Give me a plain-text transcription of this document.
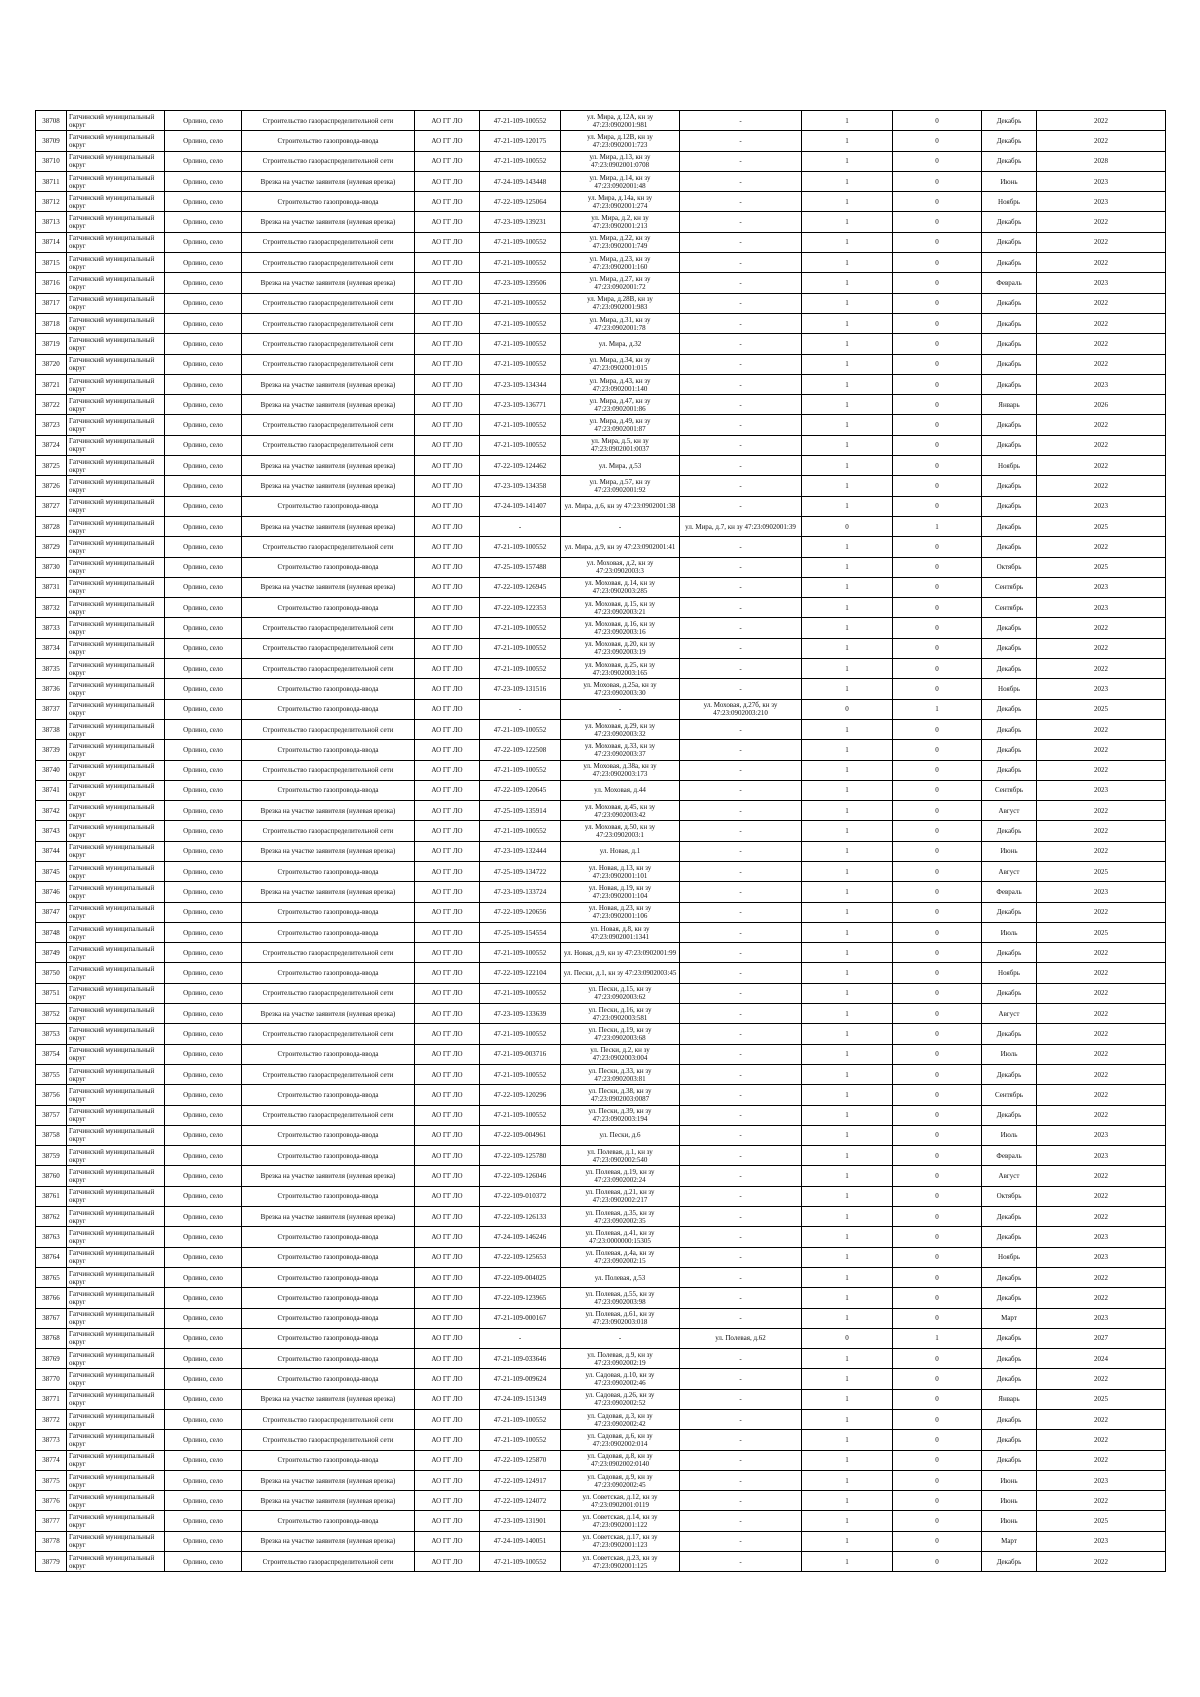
38708	Гатчинский муниципальный округ	Орлино, село	Строительство газораспределительной сети	АО ГГ ЛО	47-21-109-100552	ул. Мира, д.12А, кн зу 47:23:0902001:981	-	1	0	Декабрь	2022
38709	Гатчинский муниципальный округ	Орлино, село	Строительство газопровода-ввода	АО ГГ ЛО	47-21-109-120175	ул. Мира, д.12В, кн зу 47:23:0902001:723	-	1	0	Декабрь	2022
38710	Гатчинский муниципальный округ	Орлино, село	Строительство газораспределительной сети	АО ГГ ЛО	47-21-109-100552	ул. Мира, д.13, кн зу 47:23:0902001:0708	-	1	0	Декабрь	2028
38711	Гатчинский муниципальный округ	Орлино, село	Врезка на участке заявителя (нулевая врезка)	АО ГГ ЛО	47-24-109-143448	ул. Мира, д.14, кн зу 47:23:0902001:48	-	1	0	Июнь	2023
38712	Гатчинский муниципальный округ	Орлино, село	Строительство газопровода-ввода	АО ГГ ЛО	47-22-109-125064	ул. Мира, д.14а, кн зу 47:23:0902001:274	-	1	0	Ноябрь	2023
38713	Гатчинский муниципальный округ	Орлино, село	Врезка на участке заявителя (нулевая врезка)	АО ГГ ЛО	47-23-109-139231	ул. Мира, д.2, кн зу 47:23:0902001:213	-	1	0	Декабрь	2022
38714	Гатчинский муниципальный округ	Орлино, село	Строительство газораспределительной сети	АО ГГ ЛО	47-21-109-100552	ул. Мира, д.22, кн зу 47:23:0902001:749	-	1	0	Декабрь	2022
38715	Гатчинский муниципальный округ	Орлино, село	Строительство газораспределительной сети	АО ГГ ЛО	47-21-109-100552	ул. Мира, д.23, кн зу 47:23:0902001:160	-	1	0	Декабрь	2022
38716	Гатчинский муниципальный округ	Орлино, село	Врезка на участке заявителя (нулевая врезка)	АО ГГ ЛО	47-23-109-139506	ул. Мира, д.27, кн зу 47:23:0902001:72	-	1	0	Февраль	2023
38717	Гатчинский муниципальный округ	Орлино, село	Строительство газораспределительной сети	АО ГГ ЛО	47-21-109-100552	ул. Мира, д.28В, кн зу 47:23:0902001:983	-	1	0	Декабрь	2022
38718	Гатчинский муниципальный округ	Орлино, село	Строительство газораспределительной сети	АО ГГ ЛО	47-21-109-100552	ул. Мира, д.31, кн зу 47:23:0902001:78	-	1	0	Декабрь	2022
38719	Гатчинский муниципальный округ	Орлино, село	Строительство газораспределительной сети	АО ГГ ЛО	47-21-109-100552	ул. Мира, д.32	-	1	0	Декабрь	2022
38720	Гатчинский муниципальный округ	Орлино, село	Строительство газораспределительной сети	АО ГГ ЛО	47-21-109-100552	ул. Мира, д.34, кн зу 47:23:0902001:015	-	1	0	Декабрь	2022
38721	Гатчинский муниципальный округ	Орлино, село	Врезка на участке заявителя (нулевая врезка)	АО ГГ ЛО	47-23-109-134344	ул. Мира, д.43, кн зу 47:23:0902001:140	-	1	0	Декабрь	2023
38722	Гатчинский муниципальный округ	Орлино, село	Врезка на участке заявителя (нулевая врезка)	АО ГГ ЛО	47-23-109-136771	ул. Мира, д.47, кн зу 47:23:0902001:86	-	1	0	Январь	2026
38723	Гатчинский муниципальный округ	Орлино, село	Строительство газораспределительной сети	АО ГГ ЛО	47-21-109-100552	ул. Мира, д.49, кн зу 47:23:0902001:87	-	1	0	Декабрь	2022
38724	Гатчинский муниципальный округ	Орлино, село	Строительство газораспределительной сети	АО ГГ ЛО	47-21-109-100552	ул. Мира, д.5, кн зу 47:23:0902001:0037	-	1	0	Декабрь	2022
38725	Гатчинский муниципальный округ	Орлино, село	Врезка на участке заявителя (нулевая врезка)	АО ГГ ЛО	47-22-109-124462	ул. Мира, д.53	-	1	0	Ноябрь	2022
38726	Гатчинский муниципальный округ	Орлино, село	Врезка на участке заявителя (нулевая врезка)	АО ГГ ЛО	47-23-109-134358	ул. Мира, д.57, кн зу 47:23:0902001:92	-	1	0	Декабрь	2022
38727	Гатчинский муниципальный округ	Орлино, село	Строительство газопровода-ввода	АО ГГ ЛО	47-24-109-141407	ул. Мира, д.6, кн зу 47:23:0902001:38	-	1	0	Декабрь	2023
38728	Гатчинский муниципальный округ	Орлино, село	Врезка на участке заявителя (нулевая врезка)	АО ГГ ЛО	-	-	ул. Мира, д.7, кн зу 47:23:0902001:39	0	1	Декабрь	2025
38729	Гатчинский муниципальный округ	Орлино, село	Строительство газораспределительной сети	АО ГГ ЛО	47-21-109-100552	ул. Мира, д.9, кн зу 47:23:0902001:41	-	1	0	Декабрь	2022
38730	Гатчинский муниципальный округ	Орлино, село	Строительство газопровода-ввода	АО ГГ ЛО	47-25-109-157488	ул. Моховая, д.2, кн зу 47:23:0902003:3	-	1	0	Октябрь	2025
38731	Гатчинский муниципальный округ	Орлино, село	Врезка на участке заявителя (нулевая врезка)	АО ГГ ЛО	47-22-109-126945	ул. Моховая, д.14, кн зу 47:23:0902003:285	-	1	0	Сентябрь	2023
38732	Гатчинский муниципальный округ	Орлино, село	Строительство газопровода-ввода	АО ГГ ЛО	47-22-109-122353	ул. Моховая, д.15, кн зу 47:23:0902003:21	-	1	0	Сентябрь	2023
38733	Гатчинский муниципальный округ	Орлино, село	Строительство газораспределительной сети	АО ГГ ЛО	47-21-109-100552	ул. Моховая, д.16, кн зу 47:23:0902003:16	-	1	0	Декабрь	2022
38734	Гатчинский муниципальный округ	Орлино, село	Строительство газораспределительной сети	АО ГГ ЛО	47-21-109-100552	ул. Моховая, д.20, кн зу 47:23:0902003:19	-	1	0	Декабрь	2022
38735	Гатчинский муниципальный округ	Орлино, село	Строительство газораспределительной сети	АО ГГ ЛО	47-21-109-100552	ул. Моховая, д.25, кн зу 47:23:0902003:165	-	1	0	Декабрь	2022
38736	Гатчинский муниципальный округ	Орлино, село	Строительство газопровода-ввода	АО ГГ ЛО	47-23-109-131516	ул. Моховая, д.25а, кн зу 47:23:0902003:30	-	1	0	Ноябрь	2023
38737	Гатчинский муниципальный округ	Орлино, село	Строительство газопровода-ввода	АО ГГ ЛО	-	-	ул. Моховая, д.27б, кн зу 47:23:0902003:210	0	1	Декабрь	2025
38738	Гатчинский муниципальный округ	Орлино, село	Строительство газораспределительной сети	АО ГГ ЛО	47-21-109-100552	ул. Моховая, д.29, кн зу 47:23:0902003:32	-	1	0	Декабрь	2022
38739	Гатчинский муниципальный округ	Орлино, село	Строительство газопровода-ввода	АО ГГ ЛО	47-22-109-122508	ул. Моховая, д.33, кн зу 47:23:0902003:37	-	1	0	Декабрь	2022
38740	Гатчинский муниципальный округ	Орлино, село	Строительство газораспределительной сети	АО ГГ ЛО	47-21-109-100552	ул. Моховая, д.38а, кн зу 47:23:0902003:173	-	1	0	Декабрь	2022
38741	Гатчинский муниципальный округ	Орлино, село	Строительство газопровода-ввода	АО ГГ ЛО	47-22-109-120645	ул. Моховая, д.44	-	1	0	Сентябрь	2023
38742	Гатчинский муниципальный округ	Орлино, село	Врезка на участке заявителя (нулевая врезка)	АО ГГ ЛО	47-25-109-135914	ул. Моховая, д.45, кн зу 47:23:0902003:42	-	1	0	Август	2022
38743	Гатчинский муниципальный округ	Орлино, село	Строительство газораспределительной сети	АО ГГ ЛО	47-21-109-100552	ул. Моховая, д.50, кн зу 47:23:0902003:1	-	1	0	Декабрь	2022
38744	Гатчинский муниципальный округ	Орлино, село	Врезка на участке заявителя (нулевая врезка)	АО ГГ ЛО	47-23-109-132444	ул. Новая, д.1	-	1	0	Июнь	2022
38745	Гатчинский муниципальный округ	Орлино, село	Строительство газопровода-ввода	АО ГГ ЛО	47-25-109-134722	ул. Новая, д.13, кн зу 47:23:0902001:101	-	1	0	Август	2025
38746	Гатчинский муниципальный округ	Орлино, село	Врезка на участке заявителя (нулевая врезка)	АО ГГ ЛО	47-23-109-133724	ул. Новая, д.19, кн зу 47:23:0902001:104	-	1	0	Февраль	2023
38747	Гатчинский муниципальный округ	Орлино, село	Строительство газопровода-ввода	АО ГГ ЛО	47-22-109-120656	ул. Новая, д.23, кн зу 47:23:0902001:106	-	1	0	Декабрь	2022
38748	Гатчинский муниципальный округ	Орлино, село	Строительство газопровода-ввода	АО ГГ ЛО	47-25-109-154554	ул. Новая, д.8, кн зу 47:23:0902001:1341	-	1	0	Июль	2025
38749	Гатчинский муниципальный округ	Орлино, село	Строительство газораспределительной сети	АО ГГ ЛО	47-21-109-100552	ул. Новая, д.9, кн зу 47:23:0902001:99	-	1	0	Декабрь	2022
38750	Гатчинский муниципальный округ	Орлино, село	Строительство газопровода-ввода	АО ГГ ЛО	47-22-109-122104	ул. Пески, д.1, кн зу 47:23:0902003:45	-	1	0	Ноябрь	2022
38751	Гатчинский муниципальный округ	Орлино, село	Строительство газораспределительной сети	АО ГГ ЛО	47-21-109-100552	ул. Пески, д.15, кн зу 47:23:0902003:62	-	1	0	Декабрь	2022
38752	Гатчинский муниципальный округ	Орлино, село	Врезка на участке заявителя (нулевая врезка)	АО ГГ ЛО	47-23-109-133639	ул. Пески, д.16, кн зу 47:23:0902003:581	-	1	0	Август	2022
38753	Гатчинский муниципальный округ	Орлино, село	Строительство газораспределительной сети	АО ГГ ЛО	47-21-109-100552	ул. Пески, д.19, кн зу 47:23:0902003:68	-	1	0	Декабрь	2022
38754	Гатчинский муниципальный округ	Орлино, село	Строительство газопровода-ввода	АО ГГ ЛО	47-21-109-003716	ул. Пески, д.2, кн зу 47:23:0902003:004	-	1	0	Июль	2022
38755	Гатчинский муниципальный округ	Орлино, село	Строительство газораспределительной сети	АО ГГ ЛО	47-21-109-100552	ул. Пески, д.33, кн зу 47:23:0902003:81	-	1	0	Декабрь	2022
38756	Гатчинский муниципальный округ	Орлино, село	Строительство газопровода-ввода	АО ГГ ЛО	47-22-109-120296	ул. Пески, д.38, кн зу 47:23:0902003:0087	-	1	0	Сентябрь	2022
38757	Гатчинский муниципальный округ	Орлино, село	Строительство газораспределительной сети	АО ГГ ЛО	47-21-109-100552	ул. Пески, д.39, кн зу 47:23:0902003:194	-	1	0	Декабрь	2022
38758	Гатчинский муниципальный округ	Орлино, село	Строительство газопровода-ввода	АО ГГ ЛО	47-22-109-004961	ул. Пески, д.6	-	1	0	Июль	2023
38759	Гатчинский муниципальный округ	Орлино, село	Строительство газопровода-ввода	АО ГГ ЛО	47-22-109-125780	ул. Полевая, д.1, кн зу 47:23:0902002:540	-	1	0	Февраль	2023
38760	Гатчинский муниципальный округ	Орлино, село	Врезка на участке заявителя (нулевая врезка)	АО ГГ ЛО	47-22-109-126046	ул. Полевая, д.19, кн зу 47:23:0902002:24	-	1	0	Август	2022
38761	Гатчинский муниципальный округ	Орлино, село	Строительство газопровода-ввода	АО ГГ ЛО	47-22-109-010372	ул. Полевая, д.21, кн зу 47:23:0902002:217	-	1	0	Октябрь	2022
38762	Гатчинский муниципальный округ	Орлино, село	Врезка на участке заявителя (нулевая врезка)	АО ГГ ЛО	47-22-109-126133	ул. Полевая, д.35, кн зу 47:23:0902002:35	-	1	0	Декабрь	2022
38763	Гатчинский муниципальный округ	Орлино, село	Строительство газопровода-ввода	АО ГГ ЛО	47-24-109-146246	ул. Полевая, д.41, кн зу 47:23:0000000:15305	-	1	0	Декабрь	2023
38764	Гатчинский муниципальный округ	Орлино, село	Строительство газопровода-ввода	АО ГГ ЛО	47-22-109-125653	ул. Полевая, д.4а, кн зу 47:23:0902002:15	-	1	0	Ноябрь	2023
38765	Гатчинский муниципальный округ	Орлино, село	Строительство газопровода-ввода	АО ГГ ЛО	47-22-109-004025	ул. Полевая, д.53	-	1	0	Декабрь	2022
38766	Гатчинский муниципальный округ	Орлино, село	Строительство газопровода-ввода	АО ГГ ЛО	47-22-109-123965	ул. Полевая, д.55, кн зу 47:23:0902003:98	-	1	0	Декабрь	2022
38767	Гатчинский муниципальный округ	Орлино, село	Строительство газопровода-ввода	АО ГГ ЛО	47-21-109-000167	ул. Полевая, д.61, кн зу 47:23:0902003:018	-	1	0	Март	2023
38768	Гатчинский муниципальный округ	Орлино, село	Строительство газопровода-ввода	АО ГГ ЛО	-	-	ул. Полевая, д.62	0	1	Декабрь	2027
38769	Гатчинский муниципальный округ	Орлино, село	Строительство газопровода-ввода	АО ГГ ЛО	47-21-109-033646	ул. Полевая, д.9, кн зу 47:23:0902002:19	-	1	0	Декабрь	2024
38770	Гатчинский муниципальный округ	Орлино, село	Строительство газопровода-ввода	АО ГГ ЛО	47-21-109-009624	ул. Садовая, д.10, кн зу 47:23:0902002:46	-	1	0	Декабрь	2022
38771	Гатчинский муниципальный округ	Орлино, село	Врезка на участке заявителя (нулевая врезка)	АО ГГ ЛО	47-24-109-151349	ул. Садовая, д.26, кн зу 47:23:0902002:52	-	1	0	Январь	2025
38772	Гатчинский муниципальный округ	Орлино, село	Строительство газораспределительной сети	АО ГГ ЛО	47-21-109-100552	ул. Садовая, д.3, кн зу 47:23:0902002:42	-	1	0	Декабрь	2022
38773	Гатчинский муниципальный округ	Орлино, село	Строительство газораспределительной сети	АО ГГ ЛО	47-21-109-100552	ул. Садовая, д.6, кн зу 47:23:0902002:014	-	1	0	Декабрь	2022
38774	Гатчинский муниципальный округ	Орлино, село	Строительство газопровода-ввода	АО ГГ ЛО	47-22-109-125870	ул. Садовая, д.8, кн зу 47:23:0902002:0140	-	1	0	Декабрь	2022
38775	Гатчинский муниципальный округ	Орлино, село	Врезка на участке заявителя (нулевая врезка)	АО ГГ ЛО	47-22-109-124917	ул. Садовая, д.9, кн зу 47:23:0902002:45	-	1	0	Июнь	2023
38776	Гатчинский муниципальный округ	Орлино, село	Врезка на участке заявителя (нулевая врезка)	АО ГГ ЛО	47-22-109-124072	ул. Советская, д.12, кн зу 47:23:0902001:0119	-	1	0	Июнь	2022
38777	Гатчинский муниципальный округ	Орлино, село	Строительство газопровода-ввода	АО ГГ ЛО	47-23-109-131901	ул. Советская, д.14, кн зу 47:23:0902001:122	-	1	0	Июнь	2025
38778	Гатчинский муниципальный округ	Орлино, село	Врезка на участке заявителя (нулевая врезка)	АО ГГ ЛО	47-24-109-140051	ул. Советская, д.17, кн зу 47:23:0902001:123	-	1	0	Март	2023
38779	Гатчинский муниципальный округ	Орлино, село	Строительство газораспределительной сети	АО ГГ ЛО	47-21-109-100552	ул. Советская, д.23, кн зу 47:23:0902001:125	-	1	0	Декабрь	2022
